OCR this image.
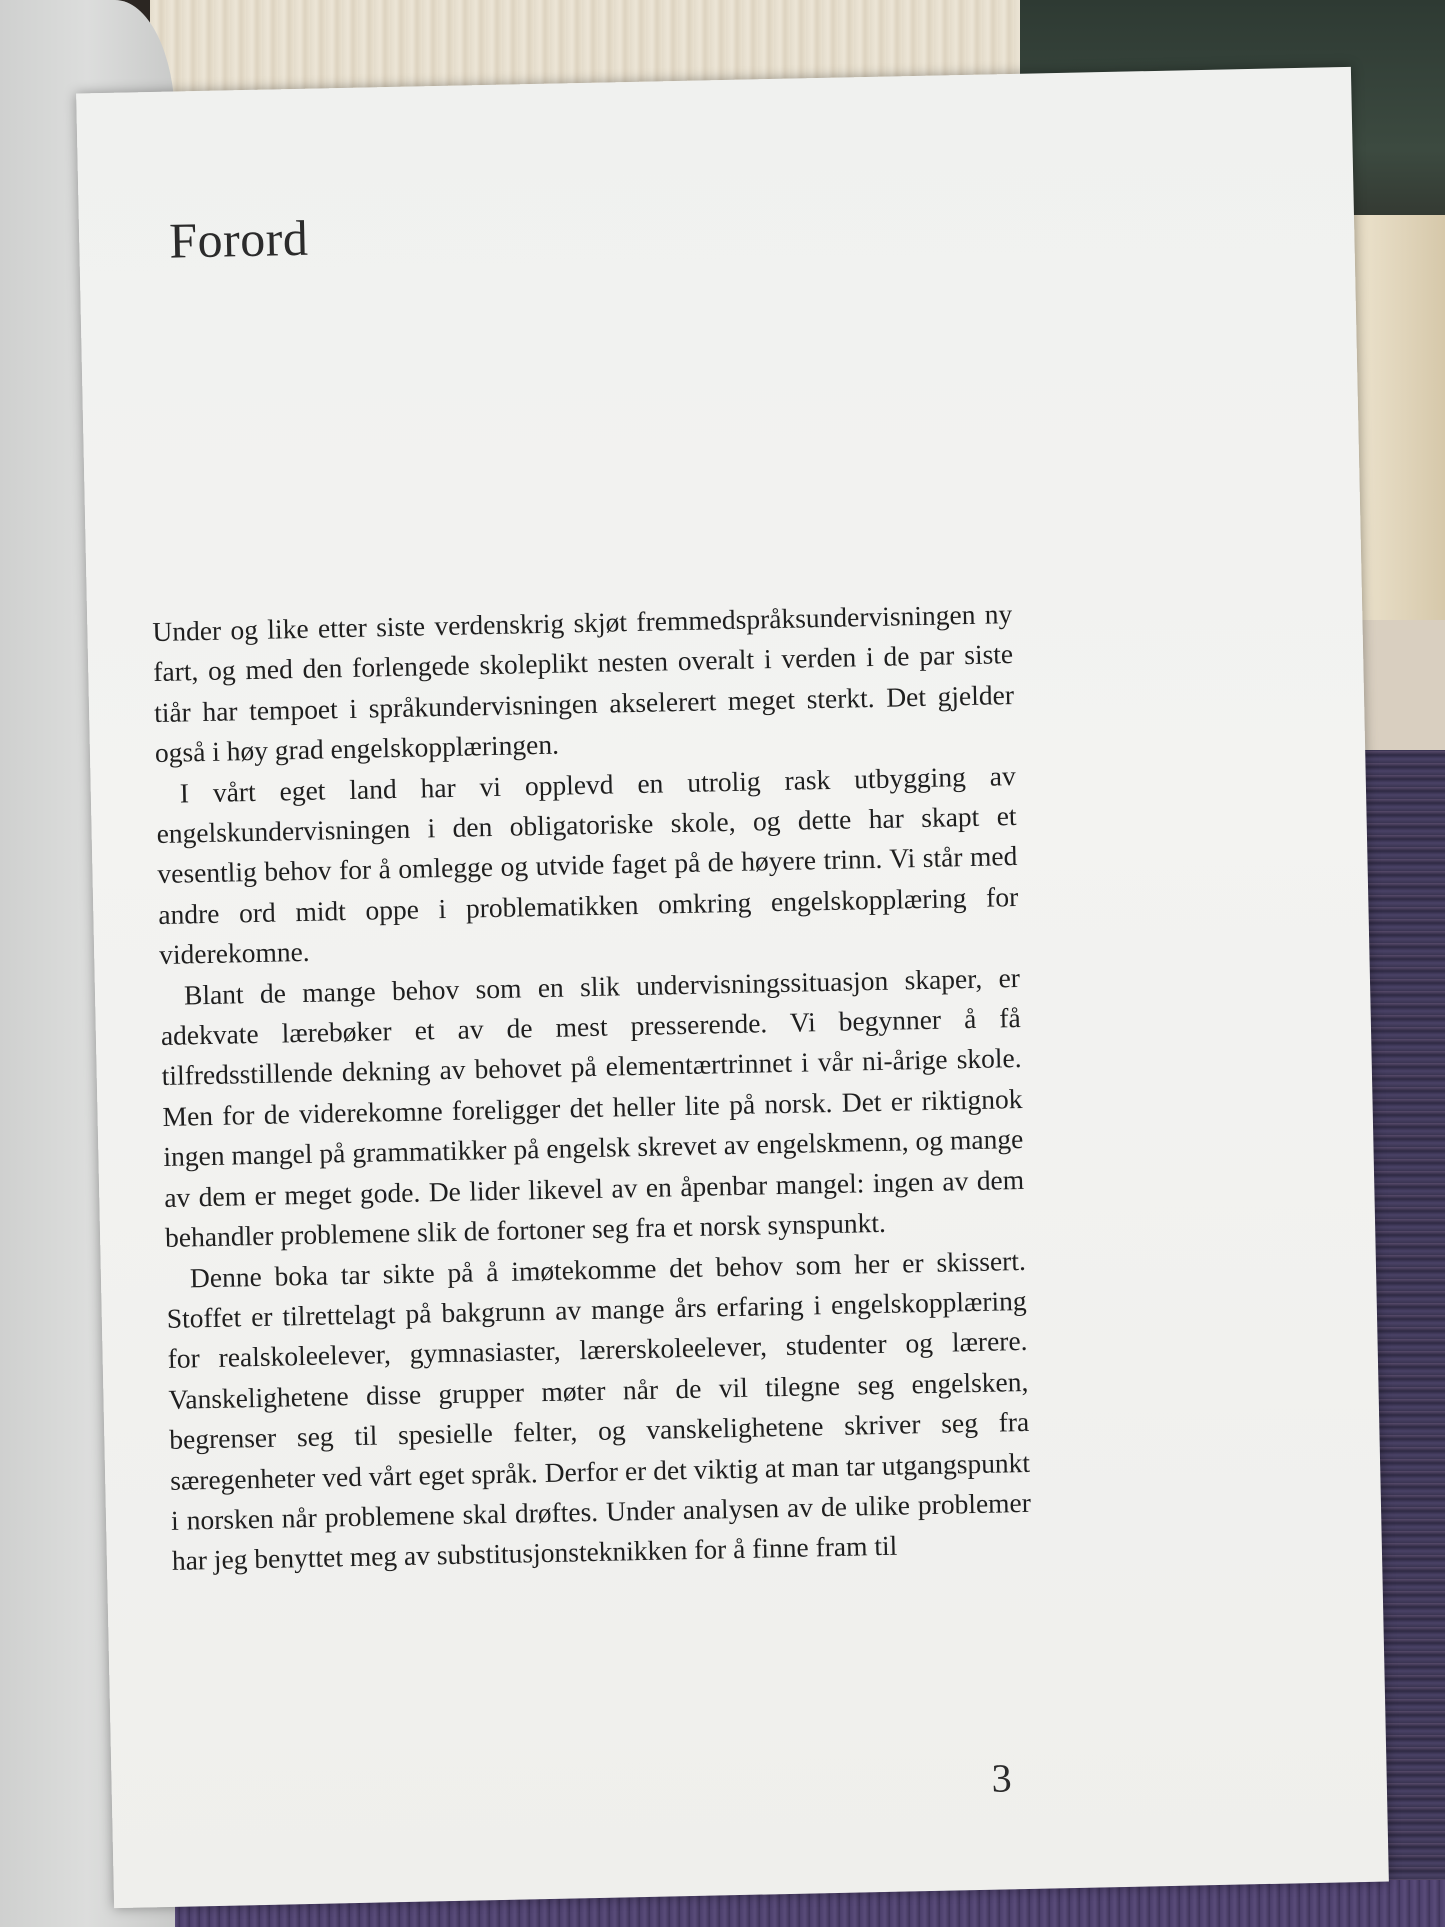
Forord

Under og like etter siste verdenskrig skjøt fremmedspråksundervisningen ny fart, og med den forlengede skoleplikt nesten overalt i verden i de par siste tiår har tempoet i språkundervisningen akselerert meget sterkt. Det gjelder også i høy grad engelskopplæringen.

I vårt eget land har vi opplevd en utrolig rask utbygging av engelskundervisningen i den obligatoriske skole, og dette har skapt et vesentlig behov for å omlegge og utvide faget på de høyere trinn. Vi står med andre ord midt oppe i problematikken omkring engelskopplæring for viderekomne.

Blant de mange behov som en slik undervisningssituasjon skaper, er adekvate lærebøker et av de mest presserende. Vi begynner å få tilfredsstillende dekning av behovet på elementærtrinnet i vår ni-årige skole. Men for de viderekomne foreligger det heller lite på norsk. Det er riktignok ingen mangel på grammatikker på engelsk skrevet av engelskmenn, og mange av dem er meget gode. De lider likevel av en åpenbar mangel: ingen av dem behandler problemene slik de fortoner seg fra et norsk synspunkt.

Denne boka tar sikte på å imøtekomme det behov som her er skissert. Stoffet er tilrettelagt på bakgrunn av mange års erfaring i engelskopplæring for realskoleelever, gymnasiaster, lærerskoleelever, studenter og lærere. Vanskelighetene disse grupper møter når de vil tilegne seg engelsken, begrenser seg til spesielle felter, og vanskelighetene skriver seg fra særegenheter ved vårt eget språk. Derfor er det viktig at man tar utgangspunkt i norsken når problemene skal drøftes. Under analysen av de ulike problemer har jeg benyttet meg av substitusjonsteknikken for å finne fram til

3
